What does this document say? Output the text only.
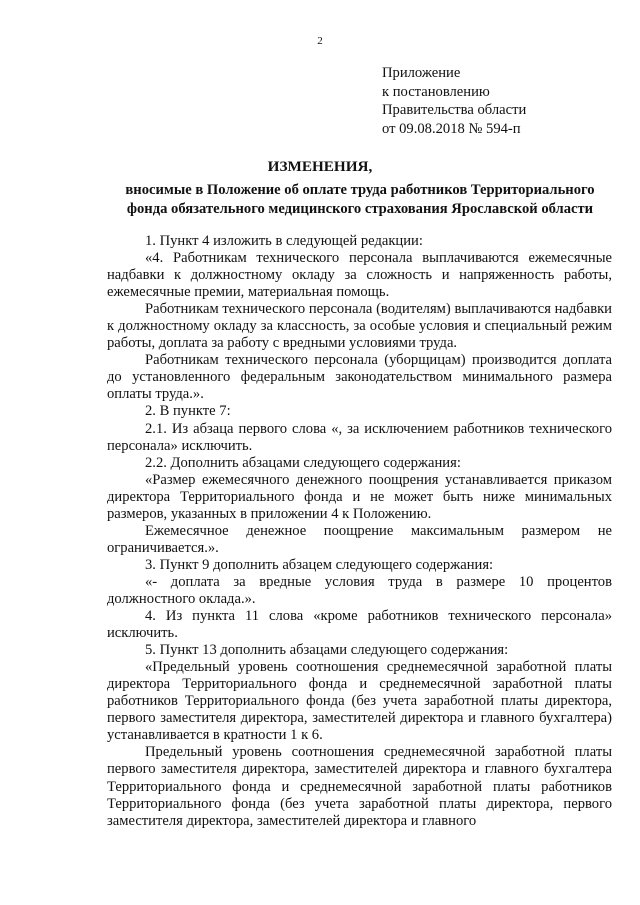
2
Приложение
к постановлению
Правительства области
от 09.08.2018 № 594-п
ИЗМЕНЕНИЯ,
вносимые в Положение об оплате труда работников Территориального фонда обязательного медицинского страхования Ярославской области

1. Пункт 4 изложить в следующей редакции:

«4. Работникам технического персонала выплачиваются ежемесячные надбавки к должностному окладу за сложность и напряженность работы, ежемесячные премии, материальная помощь.

Работникам технического персонала (водителям) выплачиваются надбавки к должностному окладу за классность, за особые условия и специальный режим работы, доплата за работу с вредными условиями труда.

Работникам технического персонала (уборщицам) производится доплата до установленного федеральным законодательством минимального размера оплаты труда.».

2. В пункте 7:

2.1. Из абзаца первого слова «, за исключением работников технического персонала» исключить.

2.2. Дополнить абзацами следующего содержания:

«Размер ежемесячного денежного поощрения устанавливается приказом директора Территориального фонда и не может быть ниже минимальных размеров, указанных в приложении 4 к Положению.

Ежемесячное денежное поощрение максимальным размером не ограничивается.».

3. Пункт 9 дополнить абзацем следующего содержания:

«- доплата за вредные условия труда в размере 10 процентов должностного оклада.».

4. Из пункта 11 слова «кроме работников технического персонала» исключить.

5. Пункт 13 дополнить абзацами следующего содержания:

«Предельный уровень соотношения среднемесячной заработной платы директора Территориального фонда и среднемесячной заработной платы работников Территориального фонда (без учета заработной платы директора, первого заместителя директора, заместителей директора и главного бухгалтера) устанавливается в кратности 1 к 6.

Предельный уровень соотношения среднемесячной заработной платы первого заместителя директора, заместителей директора и главного бухгалтера Территориального фонда и среднемесячной заработной платы работников Территориального фонда (без учета заработной платы директора, первого заместителя директора, заместителей директора и главного
